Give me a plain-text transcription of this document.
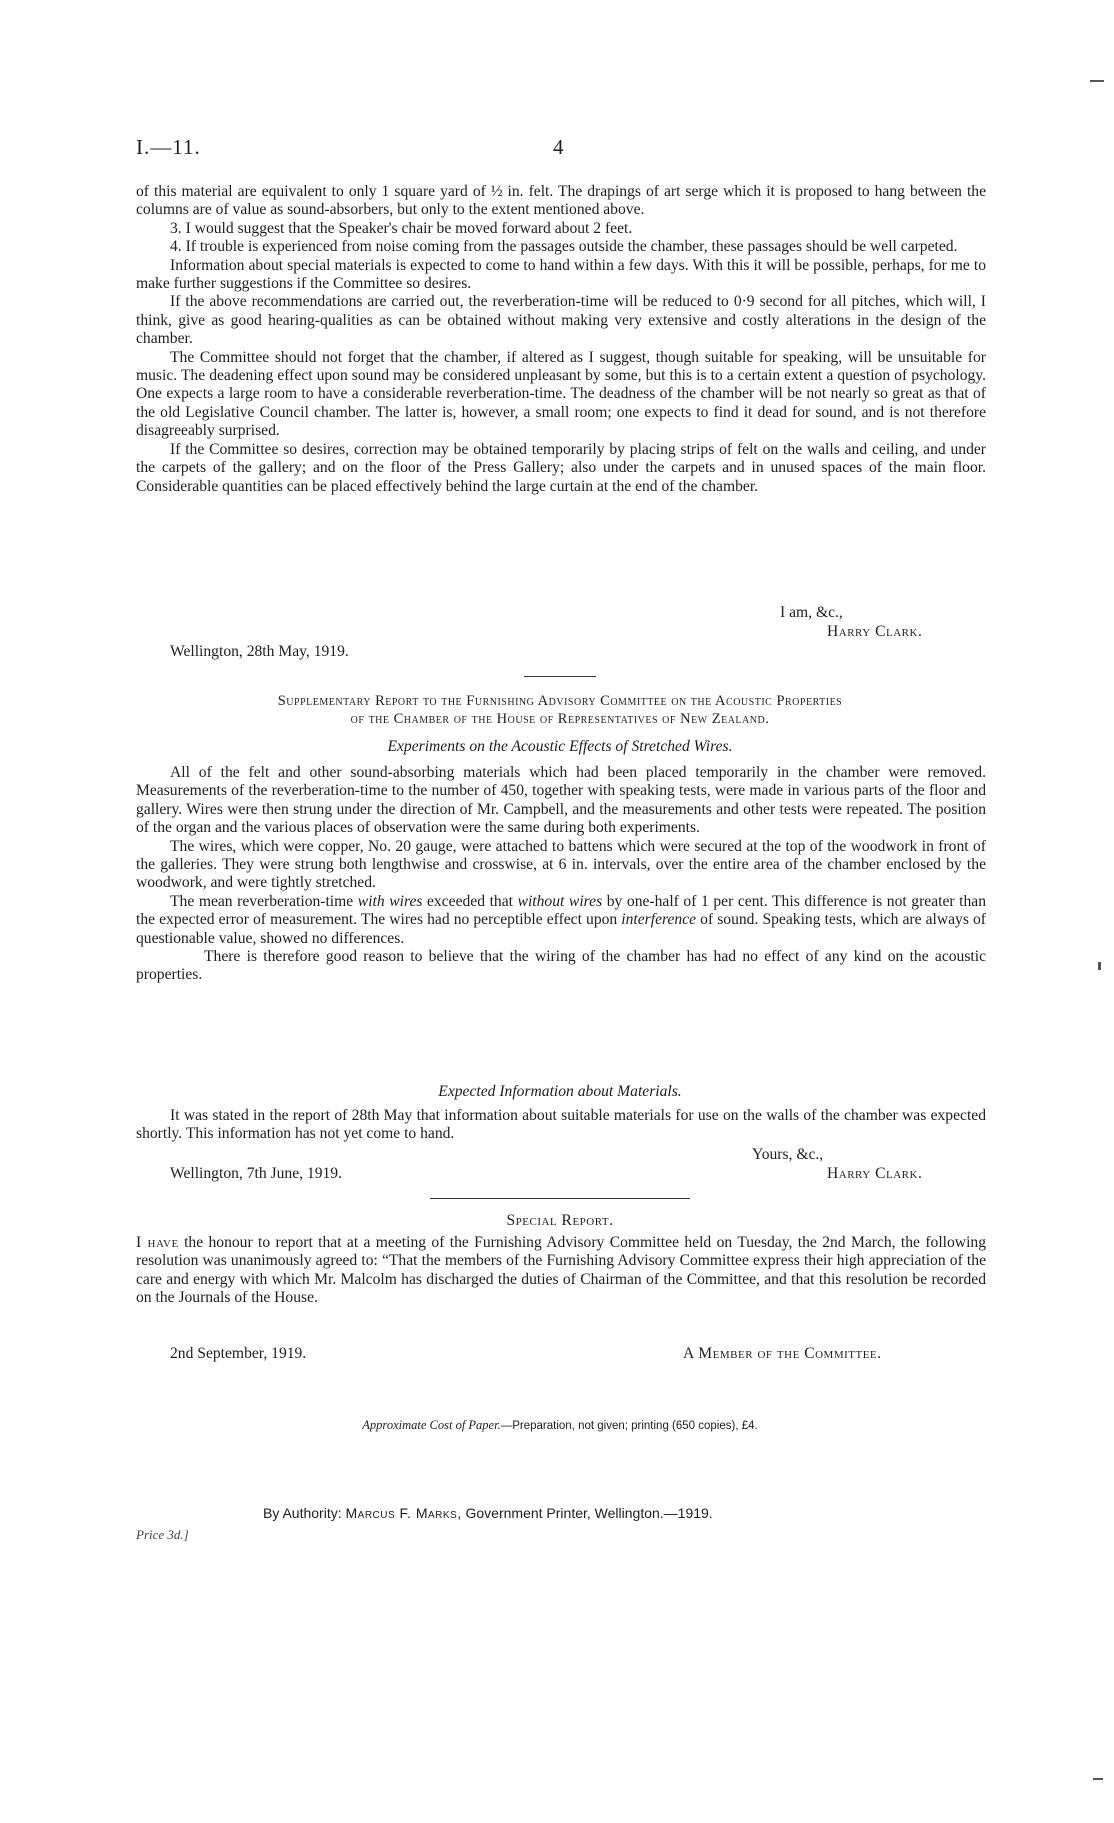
I.—11.	4

of this material are equivalent to only 1 square yard of ½ in. felt. The drapings of art serge which it is proposed to hang between the columns are of value as sound-absorbers, but only to the extent mentioned above.

3. I would suggest that the Speaker's chair be moved forward about 2 feet.

4. If trouble is experienced from noise coming from the passages outside the chamber, these passages should be well carpeted.

Information about special materials is expected to come to hand within a few days. With this it will be possible, perhaps, for me to make further suggestions if the Committee so desires.

If the above recommendations are carried out, the reverberation-time will be reduced to 0·9 second for all pitches, which will, I think, give as good hearing-qualities as can be obtained without making very extensive and costly alterations in the design of the chamber.

The Committee should not forget that the chamber, if altered as I suggest, though suitable for speaking, will be unsuitable for music. The deadening effect upon sound may be considered unpleasant by some, but this is to a certain extent a question of psychology. One expects a large room to have a considerable reverberation-time. The deadness of the chamber will be not nearly so great as that of the old Legislative Council chamber. The latter is, however, a small room; one expects to find it dead for sound, and is not therefore disagreeably surprised.

If the Committee so desires, correction may be obtained temporarily by placing strips of felt on the walls and ceiling, and under the carpets of the gallery; and on the floor of the Press Gallery; also under the carpets and in unused spaces of the main floor. Considerable quantities can be placed effectively behind the large curtain at the end of the chamber.

I am, &c.,
Harry Clark.
Wellington, 28th May, 1919.
Supplementary Report to the Furnishing Advisory Committee on the Acoustic Properties
of the Chamber of the House of Representatives of New Zealand.
Experiments on the Acoustic Effects of Stretched Wires.

All of the felt and other sound-absorbing materials which had been placed temporarily in the chamber were removed. Measurements of the reverberation-time to the number of 450, together with speaking tests, were made in various parts of the floor and gallery. Wires were then strung under the direction of Mr. Campbell, and the measurements and other tests were repeated. The position of the organ and the various places of observation were the same during both experiments.

The wires, which were copper, No. 20 gauge, were attached to battens which were secured at the top of the woodwork in front of the galleries. They were strung both lengthwise and crosswise, at 6 in. intervals, over the entire area of the chamber enclosed by the woodwork, and were tightly stretched.

The mean reverberation-time with wires exceeded that without wires by one-half of 1 per cent. This difference is not greater than the expected error of measurement. The wires had no perceptible effect upon interference of sound. Speaking tests, which are always of questionable value, showed no differences.

There is therefore good reason to believe that the wiring of the chamber has had no effect of any kind on the acoustic properties.

Expected Information about Materials.

It was stated in the report of 28th May that information about suitable materials for use on the walls of the chamber was expected shortly. This information has not yet come to hand.

Yours, &c.,
Harry Clark.
Wellington, 7th June, 1919.
Special Report.

I have the honour to report that at a meeting of the Furnishing Advisory Committee held on Tuesday, the 2nd March, the following resolution was unanimously agreed to: “That the members of the Furnishing Advisory Committee express their high appreciation of the care and energy with which Mr. Malcolm has discharged the duties of Chairman of the Committee, and that this resolution be recorded on the Journals of the House.

2nd September, 1919.	A Member of the Committee.
Approximate Cost of Paper.—Preparation, not given; printing (650 copies), £4.
By Authority: Marcus F. Marks, Government Printer, Wellington.—1919.
Price 3d.]
